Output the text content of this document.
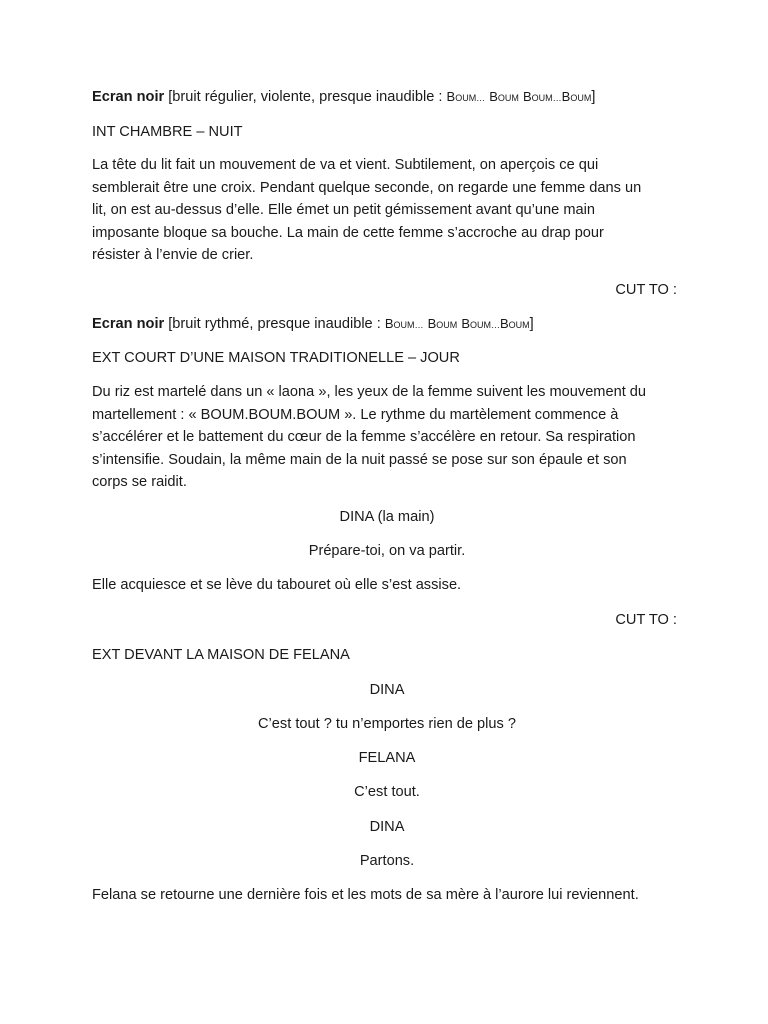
Ecran noir [bruit régulier, violente, presque inaudible : BOUM… BOUM BOUM…BOUM]
INT CHAMBRE – NUIT

La tête du lit fait un mouvement de va et vient. Subtilement, on aperçois ce qui

semblerait être une croix. Pendant quelque seconde, on regarde une femme dans un

lit, on est au-dessus d’elle. Elle émet un petit gémissement avant qu’une main

imposante bloque sa bouche. La main de cette femme s’accroche au drap pour

résister à l’envie de crier.

CUT TO :
Ecran noir [bruit rythmé, presque inaudible : BOUM… BOUM BOUM…BOUM]
EXT COURT D’UNE MAISON TRADITIONELLE – JOUR

Du riz est martelé dans un « laona », les yeux de la femme suivent les mouvement du

martellement : « BOUM.BOUM.BOUM ». Le rythme du martèlement commence à

s’accélérer et le battement du cœur de la femme s’accélère en retour. Sa respiration

s’intensifie. Soudain, la même main de la nuit passé se pose sur son épaule et son

corps se raidit.

DINA (la main)
Prépare-toi, on va partir.
Elle acquiesce et se lève du tabouret où elle s’est assise.
CUT TO :
EXT DEVANT LA MAISON DE FELANA
DINA
C’est tout ? tu n’emportes rien de plus ?
FELANA
C’est tout.
DINA
Partons.
Felana se retourne une dernière fois et les mots de sa mère à l’aurore lui reviennent.
